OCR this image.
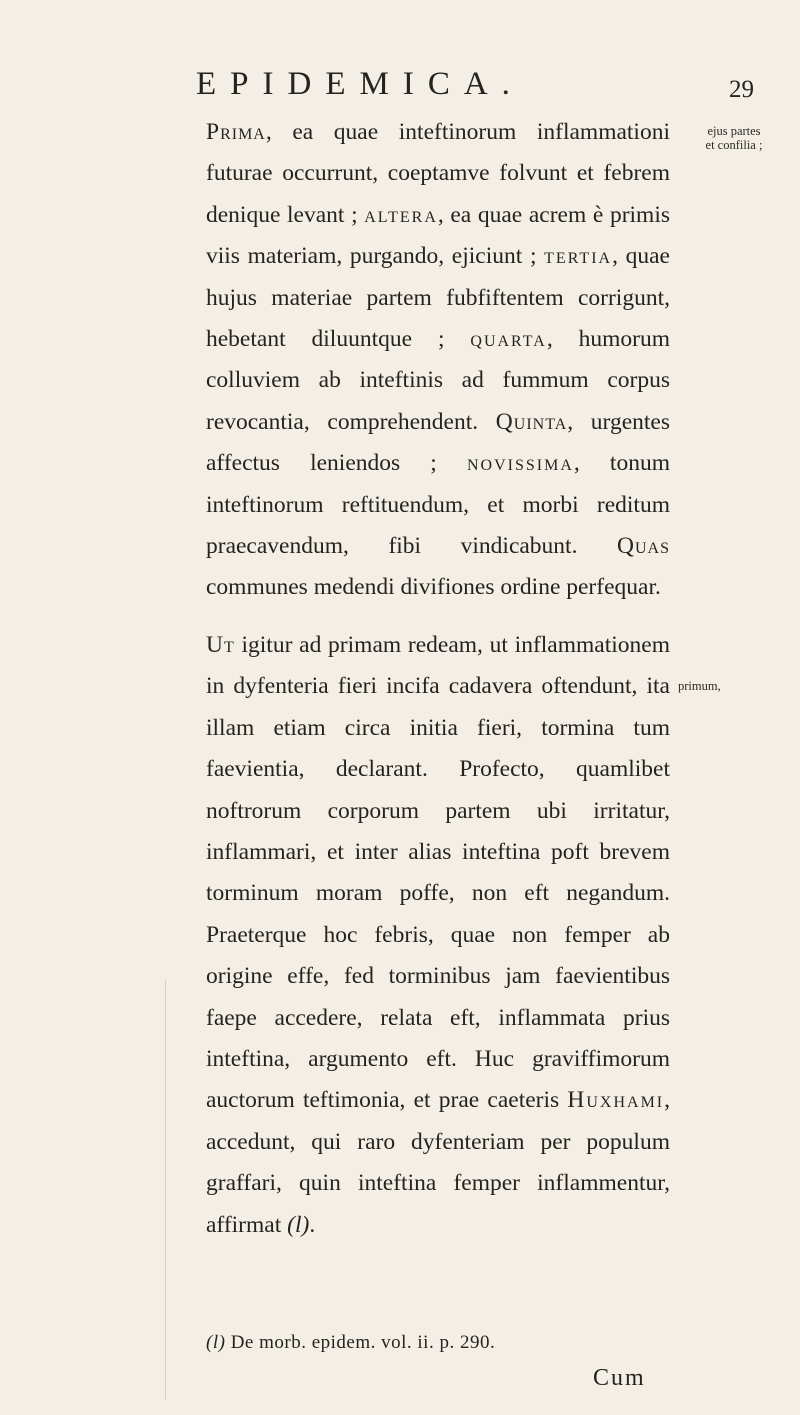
EPIDEMICA.	29
ejus partes
et confilia ;
primum,

Prima, ea quae inteftinorum inflammationi futurae occurrunt, coeptamve folvunt et febrem denique levant ; altera, ea quae acrem è primis viis materiam, purgando, ejiciunt ; tertia, quae hujus materiae partem fubfiftentem corrigunt, hebetant diluuntque ; quarta, humorum colluviem ab inteftinis ad fummum corpus revocantia, comprehendent. Quinta, urgentes affectus leniendos ; novissima, tonum inteftinorum reftituendum, et morbi reditum praecavendum, fibi vindicabunt. Quas communes medendi divifiones ordine perfequar.

Ut igitur ad primam redeam, ut inflammationem in dyfenteria fieri incifa cadavera oftendunt, ita illam etiam circa initia fieri, tormina tum faevientia, declarant. Profecto, quamlibet noftrorum corporum partem ubi irritatur, inflammari, et inter alias inteftina poft brevem torminum moram poffe, non eft negandum. Praeterque hoc febris, quae non femper ab origine effe, fed torminibus jam faevientibus faepe accedere, relata eft, inflammata prius inteftina, argumento eft. Huc graviffimorum auctorum teftimonia, et prae caeteris Huxhami, accedunt, qui raro dyfenteriam per populum graffari, quin inteftina femper inflammentur, affirmat (l).

(l) De morb. epidem. vol. ii. p. 290.
Cum
